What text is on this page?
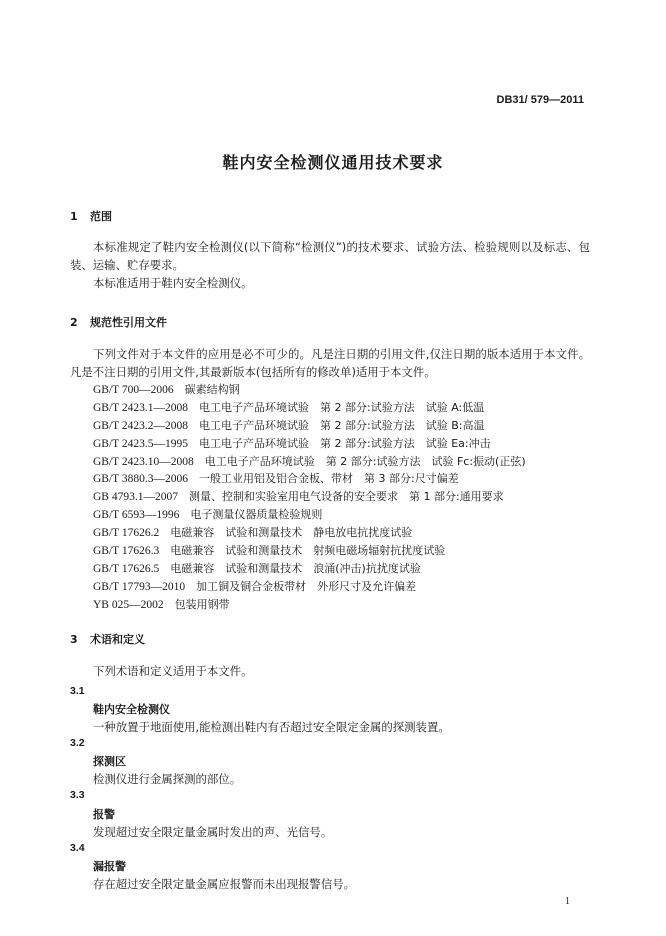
DB31/ 579—2011
鞋内安全检测仪通用技术要求
1 范围
本标准规定了鞋内安全检测仪(以下简称“检测仪”)的技术要求、试验方法、检验规则以及标志、包装、运输、贮存要求。
本标准适用于鞋内安全检测仪。
2 规范性引用文件
下列文件对于本文件的应用是必不可少的。凡是注日期的引用文件,仅注日期的版本适用于本文件。凡是不注日期的引用文件,其最新版本(包括所有的修改单)适用于本文件。
GB/T 700—2006　 碳素结构钢
GB/T 2423.1—2008　 电工电子产品环境试验　第 2 部分:试验方法　试验 A:低温
GB/T 2423.2—2008　 电工电子产品环境试验　第 2 部分:试验方法　试验 B:高温
GB/T 2423.5—1995　 电工电子产品环境试验　第 2 部分:试验方法　试验 Ea:冲击
GB/T 2423.10—2008　 电工电子产品环境试验　第 2 部分:试验方法　试验 Fc:振动(正弦)
GB/T 3880.3—2006　 一般工业用铝及铝合金板、带材　第 3 部分:尺寸偏差
GB 4793.1—2007　 测量、控制和实验室用电气设备的安全要求　第 1 部分:通用要求
GB/T 6593—1996　 电子测量仪器质量检验规则
GB/T 17626.2　 电磁兼容　试验和测量技术　静电放电抗扰度试验
GB/T 17626.3　 电磁兼容　试验和测量技术　射频电磁场辐射抗扰度试验
GB/T 17626.5　 电磁兼容　试验和测量技术　浪涌(冲击)抗扰度试验
GB/T 17793—2010　 加工铜及铜合金板带材　外形尺寸及允许偏差
YB 025—2002　 包装用钢带
3 术语和定义
下列术语和定义适用于本文件。
3.1
鞋内安全检测仪
一种放置于地面使用,能检测出鞋内有否超过安全限定金属的探测装置。
3.2
探测区
检测仪进行金属探测的部位。
3.3
报警
发现超过安全限定量金属时发出的声、光信号。
3.4
漏报警
存在超过安全限定量金属应报警而未出现报警信号。
1
